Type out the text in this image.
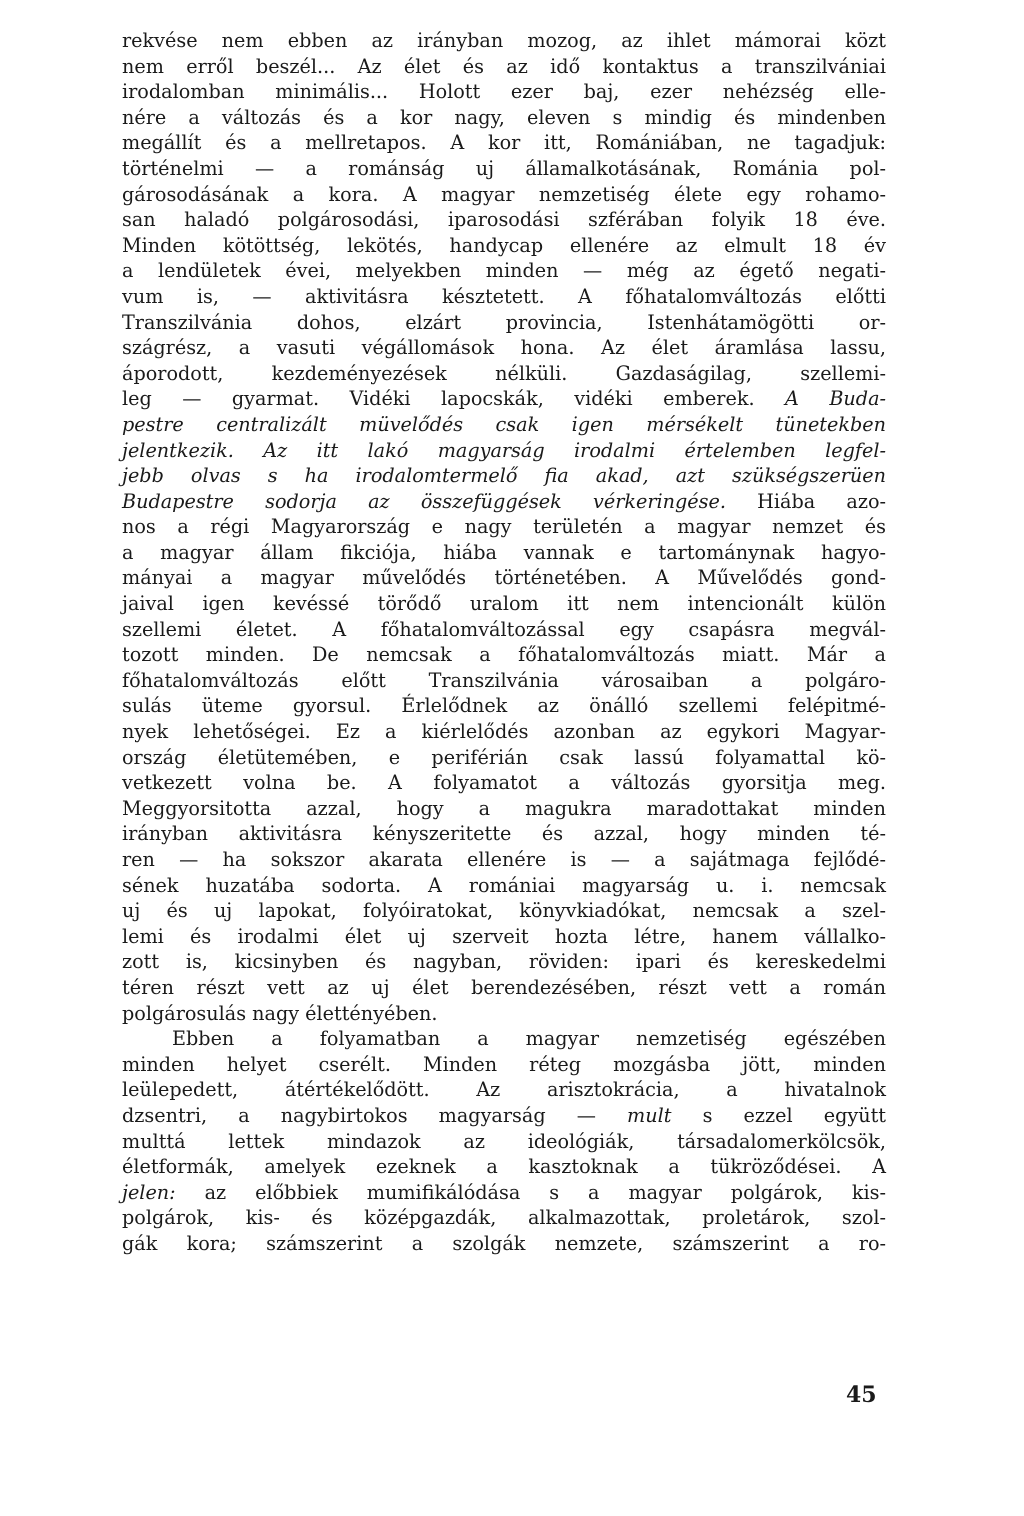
rekvése nem ebben az irányban mozog, az ihlet mámorai közt
nem erről beszél... Az élet és az idő kontaktus a transzilvániai
irodalomban minimális... Holott ezer baj, ezer nehézség elle-
nére a változás és a kor nagy, eleven s mindig és mindenben
megállít és a mellretapos. A kor itt, Romániában, ne tagadjuk:
történelmi — a románság uj államalkotásának, Románia pol-
gárosodásának a kora. A magyar nemzetiség élete egy rohamo-
san haladó polgárosodási, iparosodási szférában folyik 18 éve.
Minden kötöttség, lekötés, handycap ellenére az elmult 18 év
a lendületek évei, melyekben minden — még az égető negati-
vum is, — aktivitásra késztetett. A főhatalomváltozás előtti
Transzilvánia dohos, elzárt provincia, Istenhátamögötti or-
szágrész, a vasuti végállomások hona. Az élet áramlása lassu,
áporodott, kezdeményezések nélküli. Gazdaságilag, szellemi-
leg — gyarmat. Vidéki lapocskák, vidéki emberek. A Buda-
pestre centralizált müvelődés csak igen mérsékelt tünetekben
jelentkezik. Az itt lakó magyarság irodalmi értelemben legfel-
jebb olvas s ha irodalomtermelő fia akad, azt szükségszerüen
Budapestre sodorja az összefüggések vérkeringése. Hiába azo-
nos a régi Magyarország e nagy területén a magyar nemzet és
a magyar állam fikciója, hiába vannak e tartománynak hagyo-
mányai a magyar művelődés történetében. A Művelődés gond-
jaival igen kevéssé törődő uralom itt nem intencionált külön
szellemi életet. A főhatalomváltozással egy csapásra megvál-
tozott minden. De nemcsak a főhatalomváltozás miatt. Már a
főhatalomváltozás előtt Transzilvánia városaiban a polgáro-
sulás üteme gyorsul. Érlelődnek az önálló szellemi felépitmé-
nyek lehetőségei. Ez a kiérlelődés azonban az egykori Magyar-
ország életütemében, e periférián csak lassú folyamattal kö-
vetkezett volna be. A folyamatot a változás gyorsitja meg.
Meggyorsitotta azzal, hogy a magukra maradottakat minden
irányban aktivitásra kényszeritette és azzal, hogy minden té-
ren — ha sokszor akarata ellenére is — a sajátmaga fejlődé-
sének huzatába sodorta. A romániai magyarság u. i. nemcsak
uj és uj lapokat, folyóiratokat, könyvkiadókat, nemcsak a szel-
lemi és irodalmi élet uj szerveit hozta létre, hanem vállalko-
zott is, kicsinyben és nagyban, röviden: ipari és kereskedelmi
téren részt vett az uj élet berendezésében, részt vett a román
polgárosulás nagy élettényében.
Ebben a folyamatban a magyar nemzetiség egészében
minden helyet cserélt. Minden réteg mozgásba jött, minden
leülepedett, átértékelődött. Az arisztokrácia, a hivatalnok
dzsentri, a nagybirtokos magyarság — mult s ezzel együtt
multtá lettek mindazok az ideológiák, társadalomerkölcsök,
életformák, amelyek ezeknek a kasztoknak a tükröződései. A
jelen: az előbbiek mumifikálódása s a magyar polgárok, kis-
polgárok, kis- és középgazdák, alkalmazottak, proletárok, szol-
gák kora; számszerint a szolgák nemzete, számszerint a ro-
45
